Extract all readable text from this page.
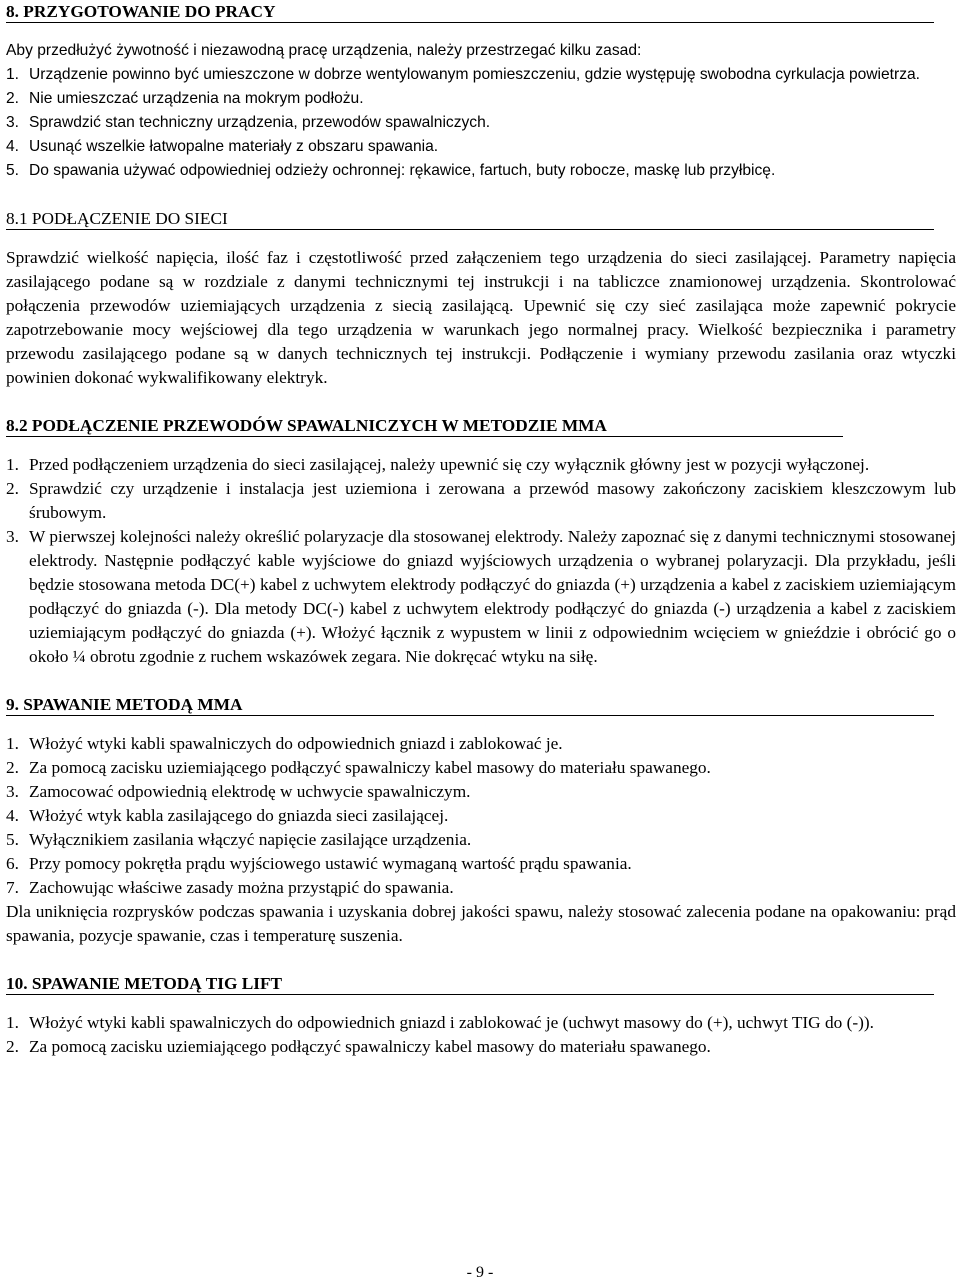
8. PRZYGOTOWANIE DO PRACY

Aby przedłużyć żywotność i niezawodną pracę urządzenia, należy przestrzegać kilku zasad:

1. Urządzenie powinno być umieszczone w dobrze wentylowanym pomieszczeniu, gdzie występuję swobodna cyrkulacja powietrza.
2. Nie umieszczać urządzenia na mokrym podłożu.
3. Sprawdzić stan techniczny urządzenia, przewodów spawalniczych.
4. Usunąć wszelkie łatwopalne materiały z obszaru spawania.
5. Do spawania używać odpowiedniej odzieży ochronnej: rękawice, fartuch, buty robocze, maskę lub przyłbicę.
8.1 PODŁĄCZENIE DO SIECI

Sprawdzić wielkość napięcia, ilość faz i częstotliwość przed załączeniem tego urządzenia do sieci zasilającej. Parametry napięcia zasilającego podane są w rozdziale z danymi technicznymi tej instrukcji i na tabliczce znamionowej urządzenia. Skontrolować połączenia przewodów uziemiających urządzenia z siecią zasilającą. Upewnić się czy sieć zasilająca może zapewnić pokrycie zapotrzebowanie mocy wejściowej dla tego urządzenia w warunkach jego normalnej pracy. Wielkość bezpiecznika i parametry przewodu zasilającego podane są w danych technicznych tej instrukcji. Podłączenie i wymiany przewodu zasilania oraz wtyczki powinien dokonać wykwalifikowany elektryk.

8.2 PODŁĄCZENIE PRZEWODÓW SPAWALNICZYCH W METODZIE MMA
1. Przed podłączeniem urządzenia do sieci zasilającej, należy upewnić się czy wyłącznik główny jest w pozycji wyłączonej.
2. Sprawdzić czy urządzenie i instalacja jest uziemiona i zerowana a przewód masowy zakończony zaciskiem kleszczowym lub śrubowym.
3. W pierwszej kolejności należy określić polaryzacje dla stosowanej elektrody. Należy zapoznać się z danymi technicznymi stosowanej elektrody. Następnie podłączyć kable wyjściowe do gniazd wyjściowych urządzenia o wybranej polaryzacji. Dla przykładu, jeśli będzie stosowana metoda DC(+) kabel z uchwytem elektrody podłączyć do gniazda (+) urządzenia a kabel z zaciskiem uziemiającym podłączyć do gniazda (-). Dla metody DC(-) kabel z uchwytem elektrody podłączyć do gniazda (-) urządzenia a kabel z zaciskiem uziemiającym podłączyć do gniazda (+). Włożyć łącznik z wypustem w linii z odpowiednim wcięciem w gnieździe i obrócić go o około ¼ obrotu zgodnie z ruchem wskazówek zegara. Nie dokręcać wtyku na siłę.
9. SPAWANIE METODĄ MMA
1. Włożyć wtyki kabli spawalniczych do odpowiednich gniazd i zablokować je.
2. Za pomocą zacisku uziemiającego podłączyć spawalniczy kabel masowy do materiału spawanego.
3. Zamocować odpowiednią elektrodę w uchwycie spawalniczym.
4. Włożyć wtyk kabla zasilającego do gniazda sieci zasilającej.
5. Wyłącznikiem zasilania włączyć napięcie zasilające urządzenia.
6. Przy pomocy pokrętła prądu wyjściowego ustawić wymaganą wartość prądu spawania.
7. Zachowując właściwe zasady można przystąpić do spawania.

Dla uniknięcia rozprysków podczas spawania i uzyskania dobrej jakości spawu, należy stosować zalecenia podane na opakowaniu: prąd spawania, pozycje spawanie, czas i temperaturę suszenia.

10. SPAWANIE METODĄ TIG LIFT
1. Włożyć wtyki kabli spawalniczych do odpowiednich gniazd i zablokować je (uchwyt masowy do (+), uchwyt TIG do (-)).
2. Za pomocą zacisku uziemiającego podłączyć spawalniczy kabel masowy do materiału spawanego.
- 9 -
